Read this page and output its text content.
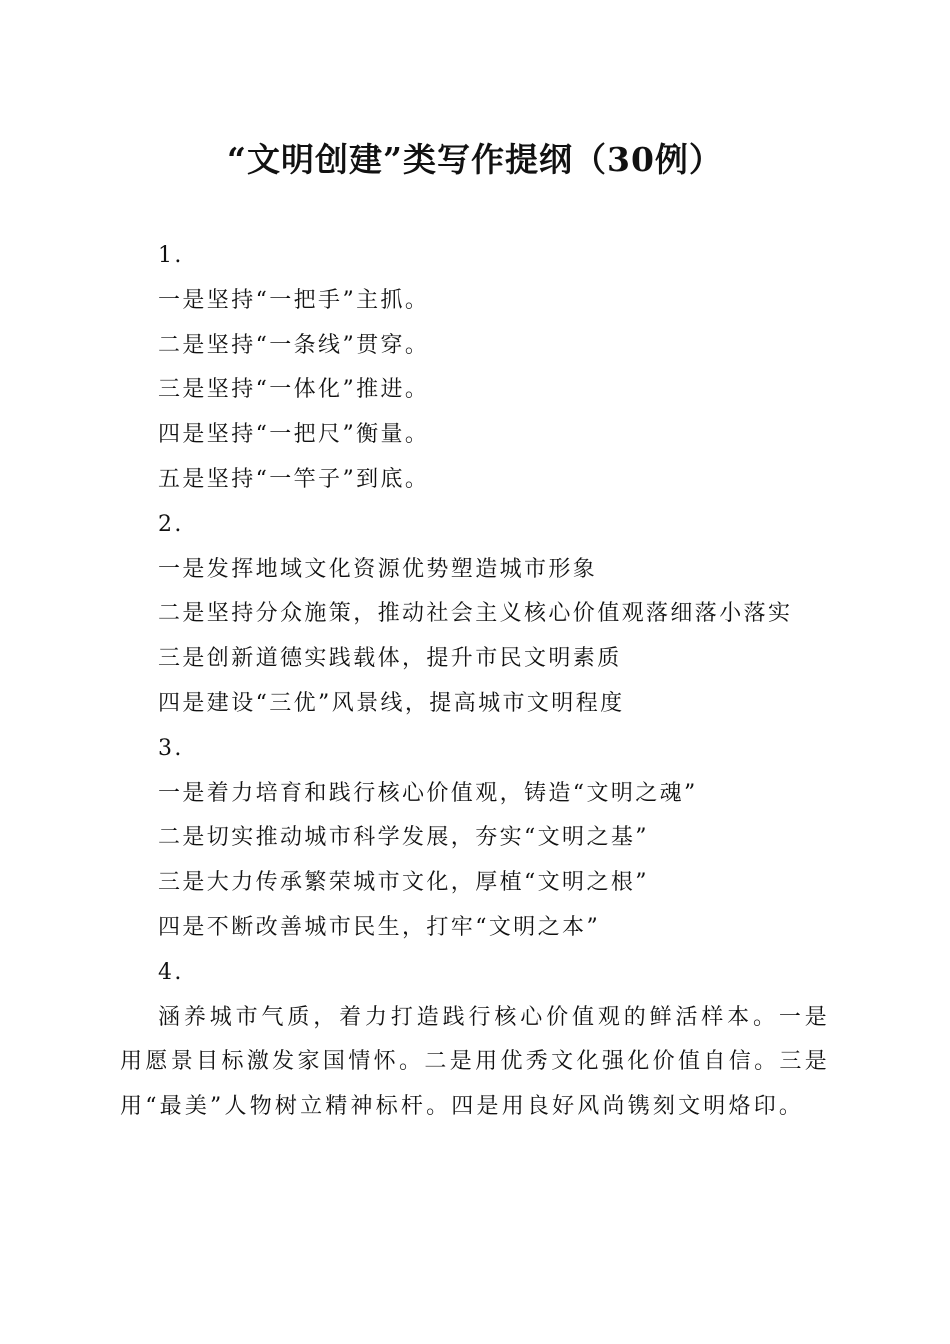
“文明创建”类写作提纲（30例）
1.
一是坚持“一把手”主抓。
二是坚持“一条线”贯穿。
三是坚持“一体化”推进。
四是坚持“一把尺”衡量。
五是坚持“一竿子”到底。
2.
一是发挥地域文化资源优势塑造城市形象
二是坚持分众施策，推动社会主义核心价值观落细落小落实
三是创新道德实践载体，提升市民文明素质
四是建设“三优”风景线，提高城市文明程度
3.
一是着力培育和践行核心价值观，铸造“文明之魂”
二是切实推动城市科学发展，夯实“文明之基”
三是大力传承繁荣城市文化，厚植“文明之根”
四是不断改善城市民生，打牢“文明之本”
4.
涵养城市气质，着力打造践行核心价值观的鲜活样本。一是用愿景目标激发家国情怀。二是用优秀文化强化价值自信。三是用“最美”人物树立精神标杆。四是用良好风尚镌刻文明烙印。
